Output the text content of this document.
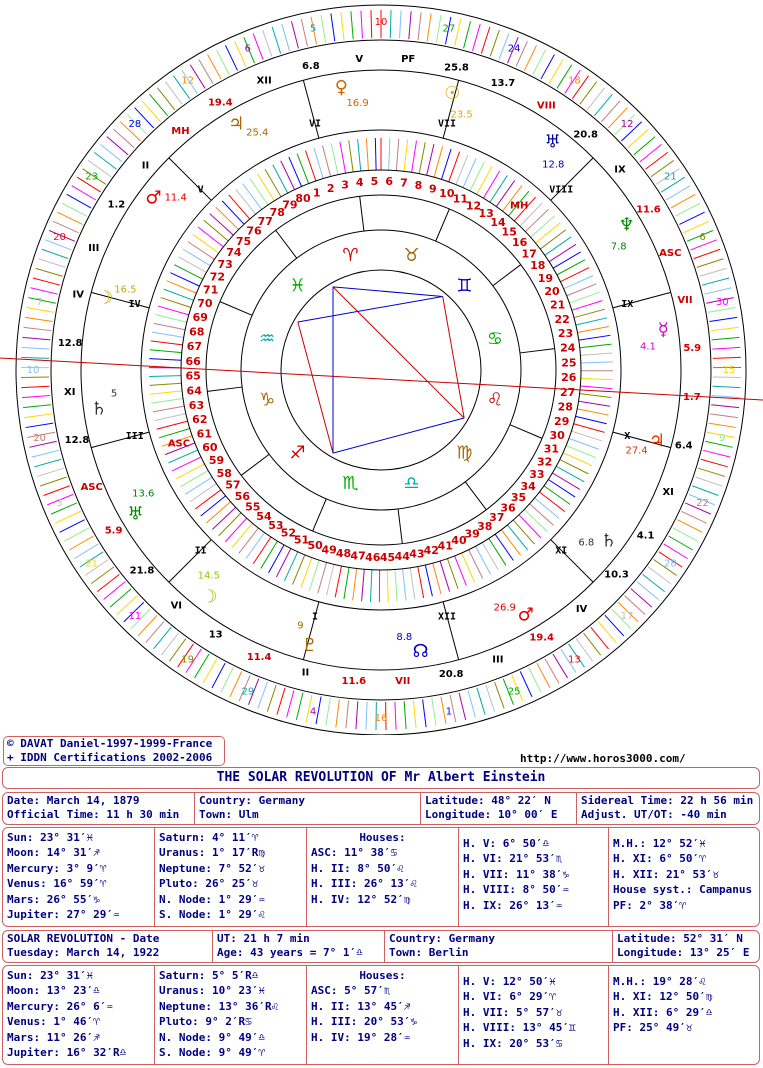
10
27
24
18
12
21
6
30
15
9
22
28
17
13
25
1
16
4
29
19
11
21
3
20
10
7
20
23
28
12
6
5
1 2 3 4 5 6 7 8 9 10
11
12
13
14
15
16
17
18
19
20
21
22
23
24
25
26
27
28
29
30
31
32
33
34
35
36
37
38
39
40
41
42
43
44
45
46
47
48
49
50
51
52
53
54
55
56
57
58
59
60
61
62
63
64
65
66
67
68
69
70
71
72
73
74
75
76
77
78
79
80
♈ ♉
♊
♋
♌
♍
♎
♏
♐
♑
♒
♓
♀
16.9	☉
23.5
♅
12.8
♆
7.8
☿
4.1
♃
27.4
♄
6.8
♂
26.9
☊
8.8
♇
9
☽
14.5
♅
13.6
♄
5
☽ 16.5
♂ 11.4
♃ 25.4
I
II
III
IV
V
VI	VII
VIII
IX
X
XI
XII
PF
25.8
13.7
VIII
20.8
IX
11.6
ASC
VII
5.9
1.7
6.4
XI
4.1
10.3
IV
19.4
III
20.8
VII
11.6
II
11.4
13
VI
21.8
5.9
ASC
12.8
XI
12.8
IV
III
1.2
II
MH
19.4
XII
6.8
V
ASC
MH
© DAVAT Daniel-1997-1999-France
+ IDDN Certifications 2002-2006	http://www.horos3000.com/
THE SOLAR REVOLUTION OF Mr Albert Einstein
Date: March 14, 1879
Official Time: 11 h 30 min
Country: Germany
Town: Ulm
Latitude: 48° 22′ N
Longitude: 10° 00′ E
Sidereal Time: 22 h 56 min
Adjust. UT/OT: -40 min
Sun: 23° 31′♓
Moon: 14° 31′♐
Mercury: 3° 9′♈
Venus: 16° 59′♈
Mars: 26° 55′♑
Jupiter: 27° 29′♒
Saturn: 4° 11′♈
Uranus: 1° 17′R♍
Neptune: 7° 52′♉
Pluto: 26° 25′♉
N. Node: 1° 29′♒
S. Node: 1° 29′♌
Houses:
ASC: 11° 38′♋
H. II: 8° 50′♌
H. III: 26° 13′♌
H. IV: 12° 52′♍
H. V: 6° 50′♎
H. VI: 21° 53′♏
H. VII: 11° 38′♑
H. VIII: 8° 50′♒
H. IX: 26° 13′♒
M.H.: 12° 52′♓
H. XI: 6° 50′♈
H. XII: 21° 53′♉
House syst.: Campanus
PF: 2° 38′♈
SOLAR REVOLUTION - Date
Tuesday: March 14, 1922
UT: 21 h 7 min
Age: 43 years = 7° 1′♎
Country: Germany
Town: Berlin
Latitude: 52° 31′ N
Longitude: 13° 25′ E
Sun: 23° 31′♓
Moon: 13° 23′♎
Mercury: 26° 6′♒
Venus: 1° 46′♈
Mars: 11° 26′♐
Jupiter: 16° 32′R♎
Saturn: 5° 5′R♎
Uranus: 10° 23′♓
Neptune: 13° 36′R♌
Pluto: 9° 2′R♋
N. Node: 9° 49′♎
S. Node: 9° 49′♈
Houses:
ASC: 5° 57′♏
H. II: 13° 45′♐
H. III: 20° 53′♑
H. IV: 19° 28′♒
H. V: 12° 50′♓
H. VI: 6° 29′♈
H. VII: 5° 57′♉
H. VIII: 13° 45′♊
H. IX: 20° 53′♋
M.H.: 19° 28′♌
H. XI: 12° 50′♍
H. XII: 6° 29′♎
PF: 25° 49′♉
